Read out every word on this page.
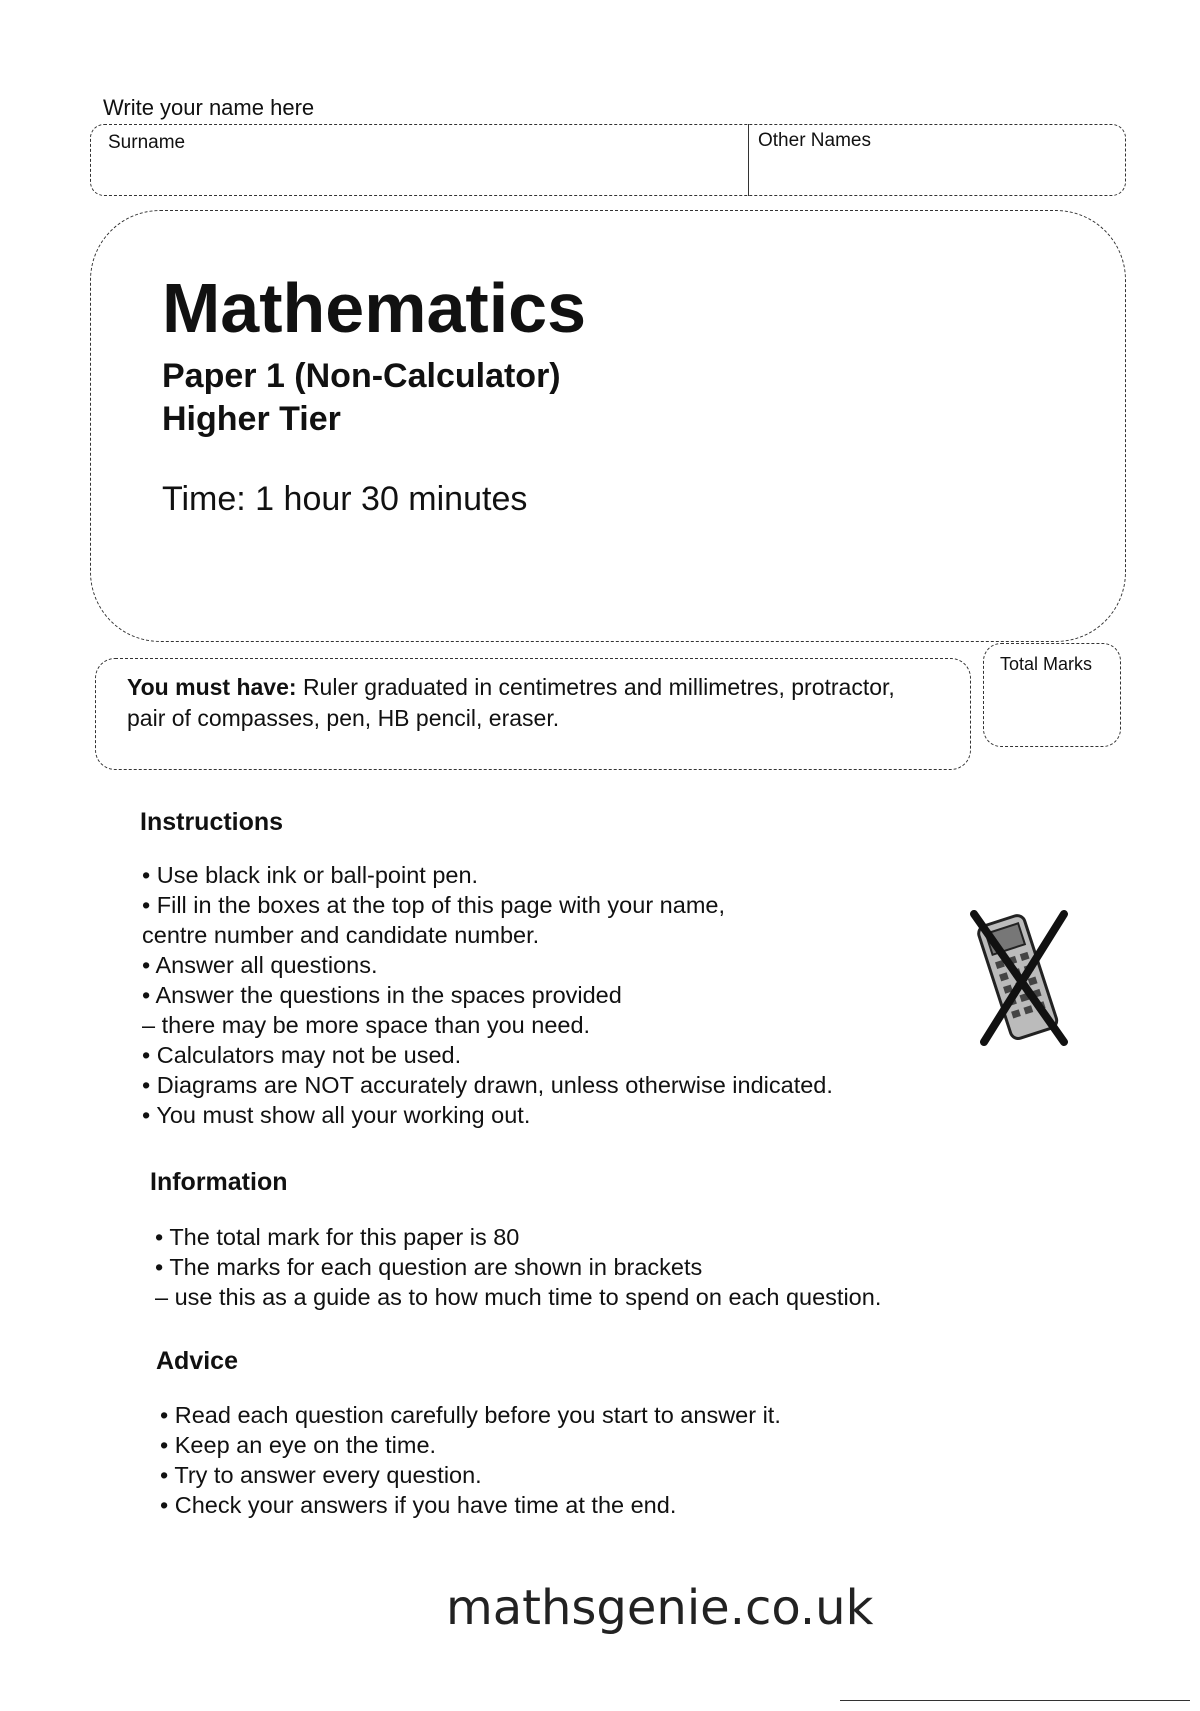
Write your name here
Surname	Other Names
Mathematics
Paper 1 (Non-Calculator)
Higher Tier
Time: 1 hour 30 minutes
You must have: Ruler graduated in centimetres and millimetres, protractor, pair of compasses, pen, HB pencil, eraser.
Total Marks
Instructions
• Use black ink or ball-point pen.
• Fill in the boxes at the top of this page with your name,
centre number and candidate number.
• Answer all questions.
• Answer the questions in the spaces provided
– there may be more space than you need.
• Calculators may not be used.
• Diagrams are NOT accurately drawn, unless otherwise indicated.
• You must show all your working out.
Information
• The total mark for this paper is 80
• The marks for each question are shown in brackets
– use this as a guide as to how much time to spend on each question.
Advice
• Read each question carefully before you start to answer it.
• Keep an eye on the time.
• Try to answer every question.
• Check your answers if you have time at the end.
mathsgenie.co.uk
